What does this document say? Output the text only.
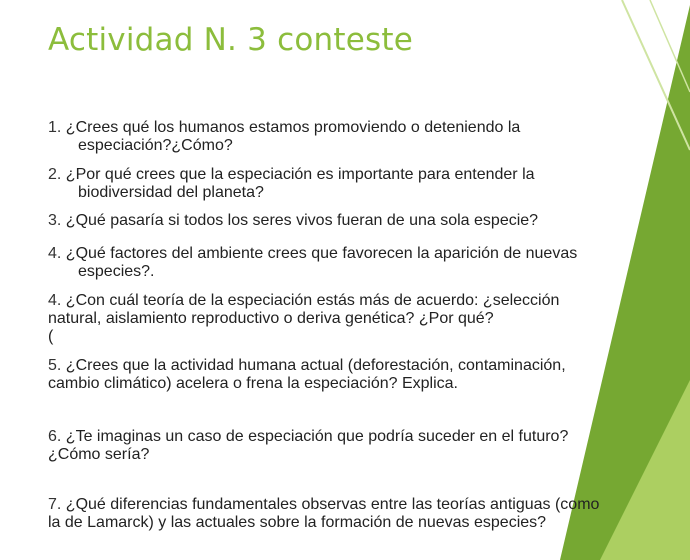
Actividad N. 3 conteste
1. ¿Crees qué los humanos estamos promoviendo o deteniendo la
especiación?¿Cómo?
2. ¿Por qué crees que la especiación es importante para entender la
biodiversidad del planeta?
3. ¿Qué pasaría si todos los seres vivos fueran de una sola especie?
4. ¿Qué factores del ambiente crees que favorecen la aparición de nuevas
especies?.
4. ¿Con cuál teoría de la especiación estás más de acuerdo: ¿selección
natural, aislamiento reproductivo o deriva genética? ¿Por qué?
(
5. ¿Crees que la actividad humana actual (deforestación, contaminación,
cambio climático) acelera o frena la especiación? Explica.
6. ¿Te imaginas un caso de especiación que podría suceder en el futuro?
¿Cómo sería?
7. ¿Qué diferencias fundamentales observas entre las teorías antiguas (como
la de Lamarck) y las actuales sobre la formación de nuevas especies?
